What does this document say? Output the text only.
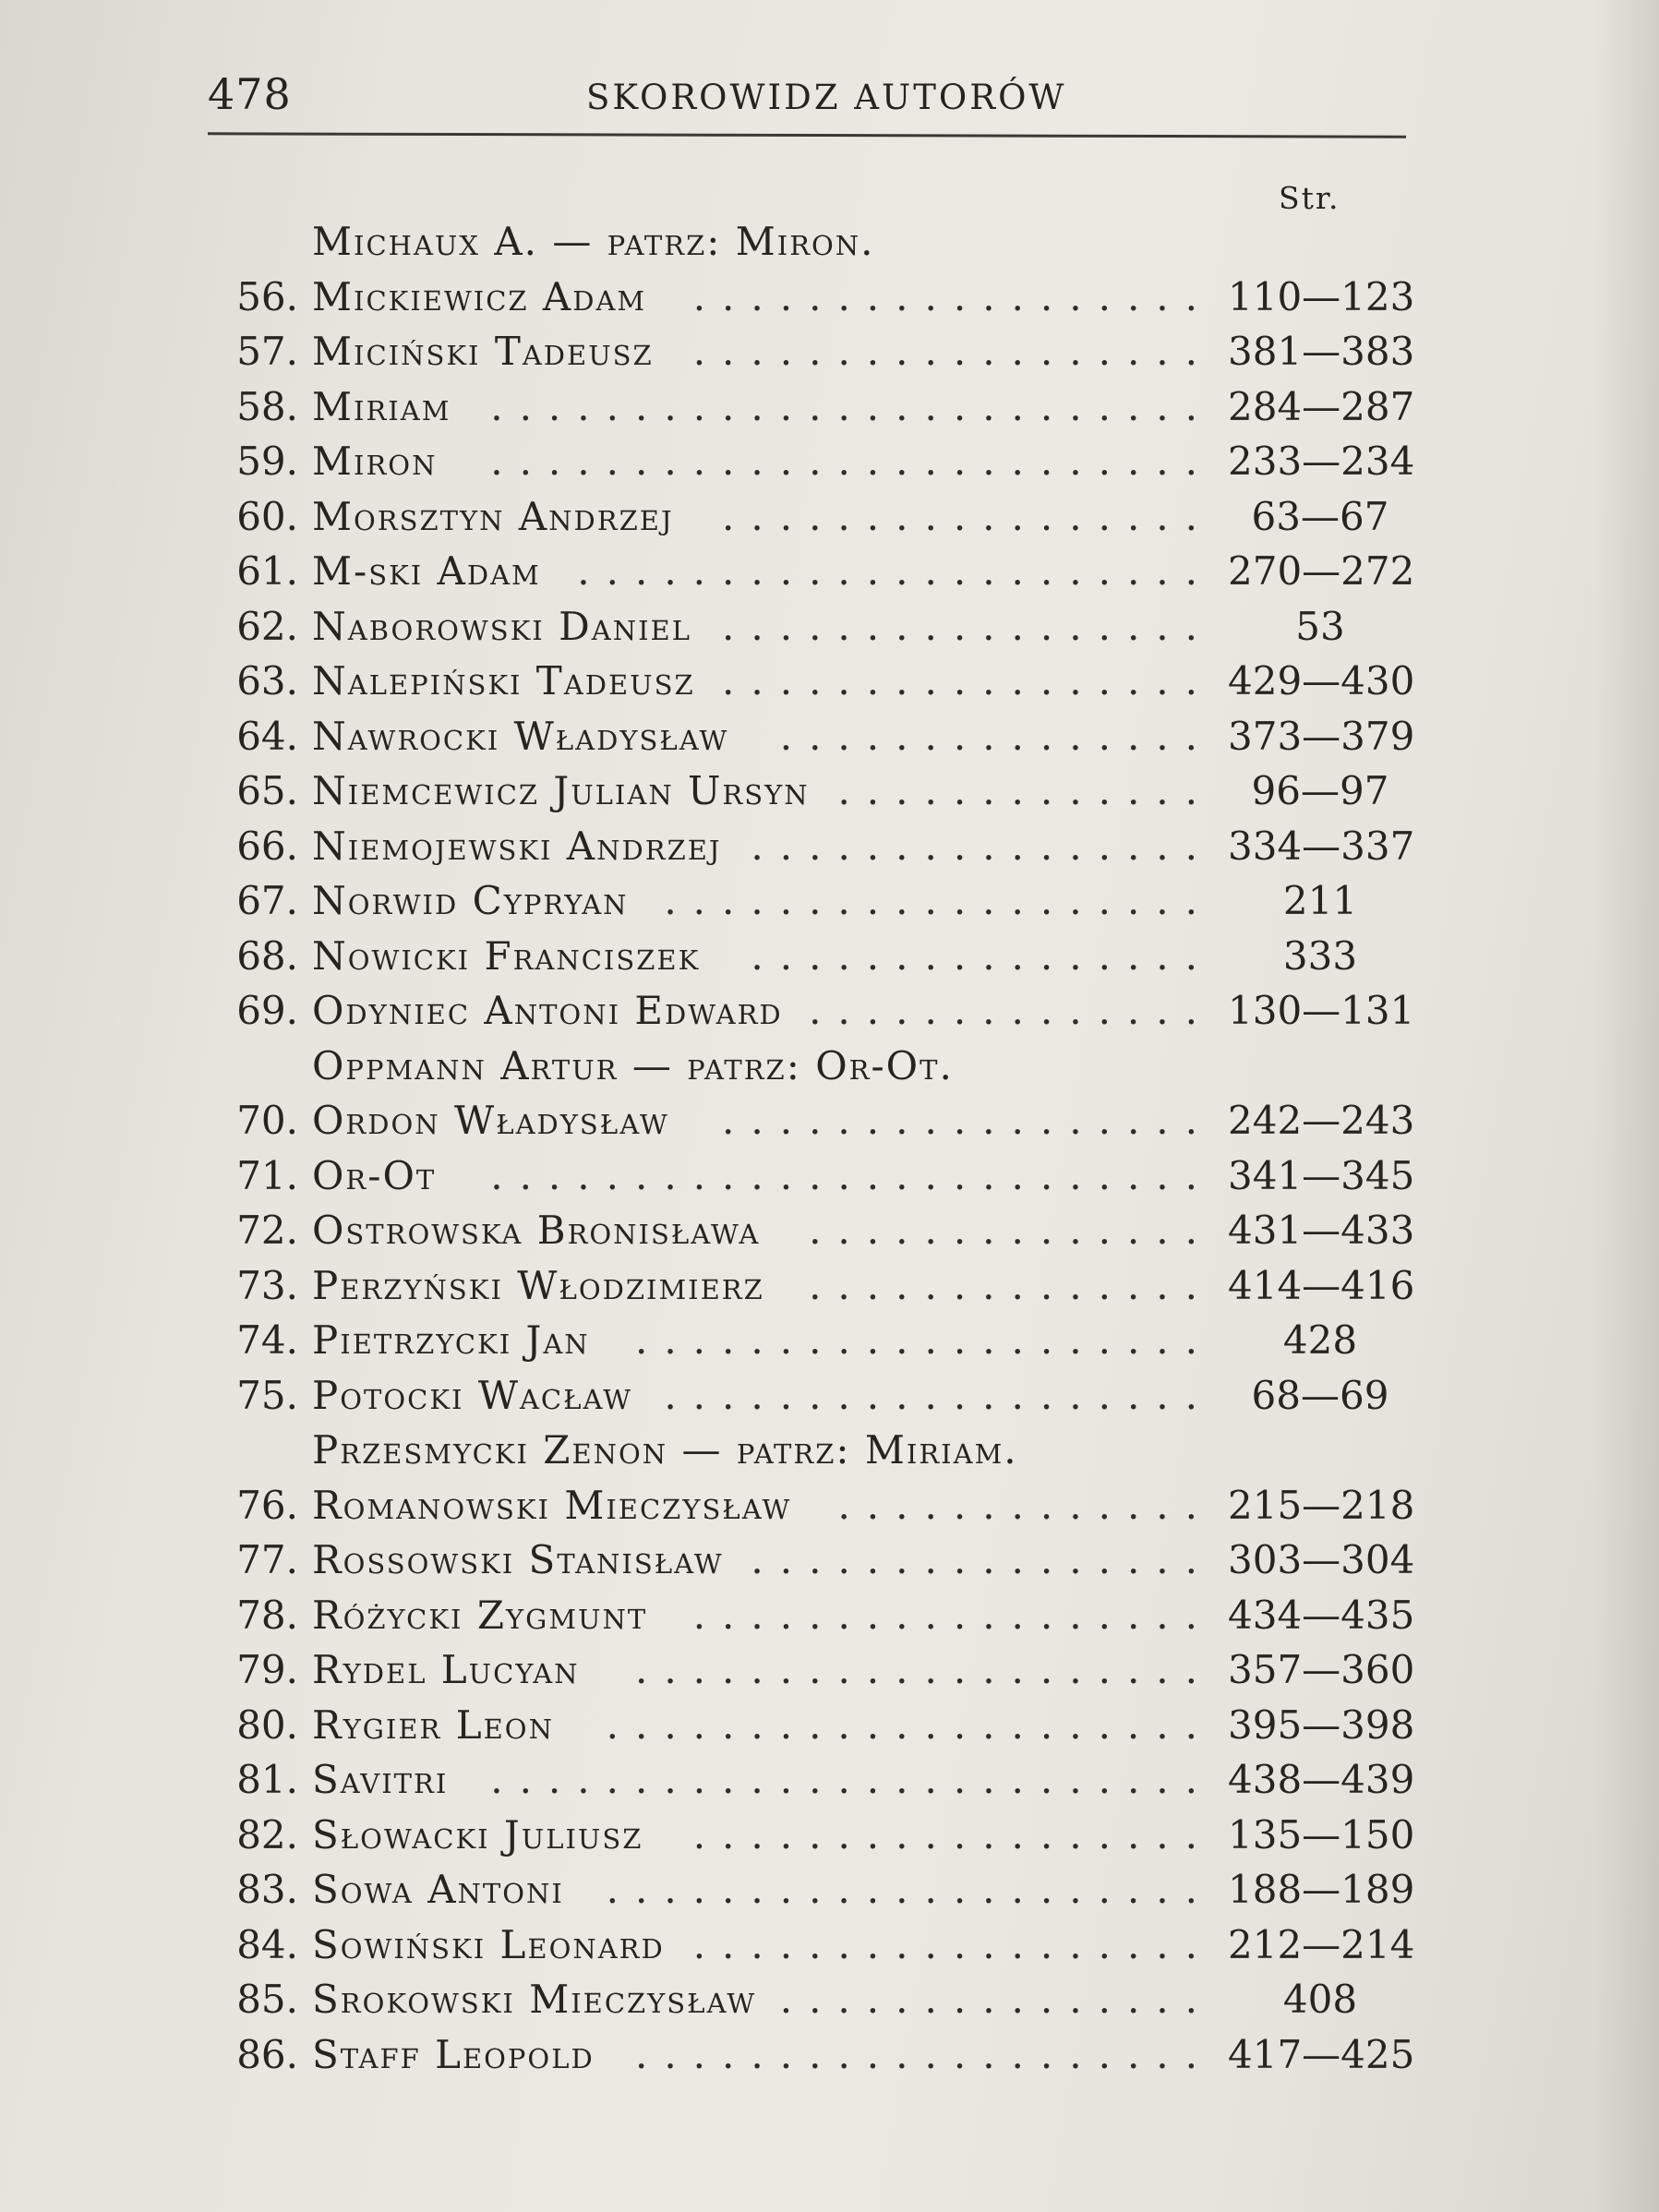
478	SKOROWIDZ AUTORÓW
Str.
Michaux A. — patrz: Miron.
56. Mickiewicz Adam	.................. 110—123
57. Miciński Tadeusz	.................. 381—383
58. Miriam	......................... 284—287
59. Miron	......................... 233—234
60. Morsztyn Andrzej	................. 63—67
61. M-ski Adam ...................... 270—272
62. Naborowski Daniel .................	53
63. Nalepiński Tadeusz ................. 429—430
64. Nawrocki Władysław	............... 373—379
65. Niemcewicz Julian Ursyn ............. 96—97
66. Niemojewski Andrzej ................ 334—337
67. Norwid Cypryan ...................	211
68. Nowicki Franciszek	................	333
69. Odyniec Antoni Edward .............. 130—131
Oppmann Artur — patrz: Or-Ot.
70. Ordon Władysław	................. 242—243
71. Or-Ot	......................... 341—345
72. Ostrowska Bronisława	.............. 431—433
73. Perzyński Włodzimierz	.............. 414—416
74. Pietrzycki Jan	....................	428
75. Potocki Wacław ................... 68—69
Przesmycki Zenon — patrz: Miriam.
76. Romanowski Mieczysław	............. 215—218
77. Rossowski Stanisław ................ 303—304
78. Różycki Zygmunt	.................. 434—435
79. Rydel Lucyan	.................... 357—360
80. Rygier Leon	..................... 395—398
81. Savitri	......................... 438—439
82. Słowacki Juliusz	.................. 135—150
83. Sowa Antoni	..................... 188—189
84. Sowiński Leonard .................. 212—214
85. Srokowski Mieczysław ...............	408
86. Staff Leopold	.................... 417—425
